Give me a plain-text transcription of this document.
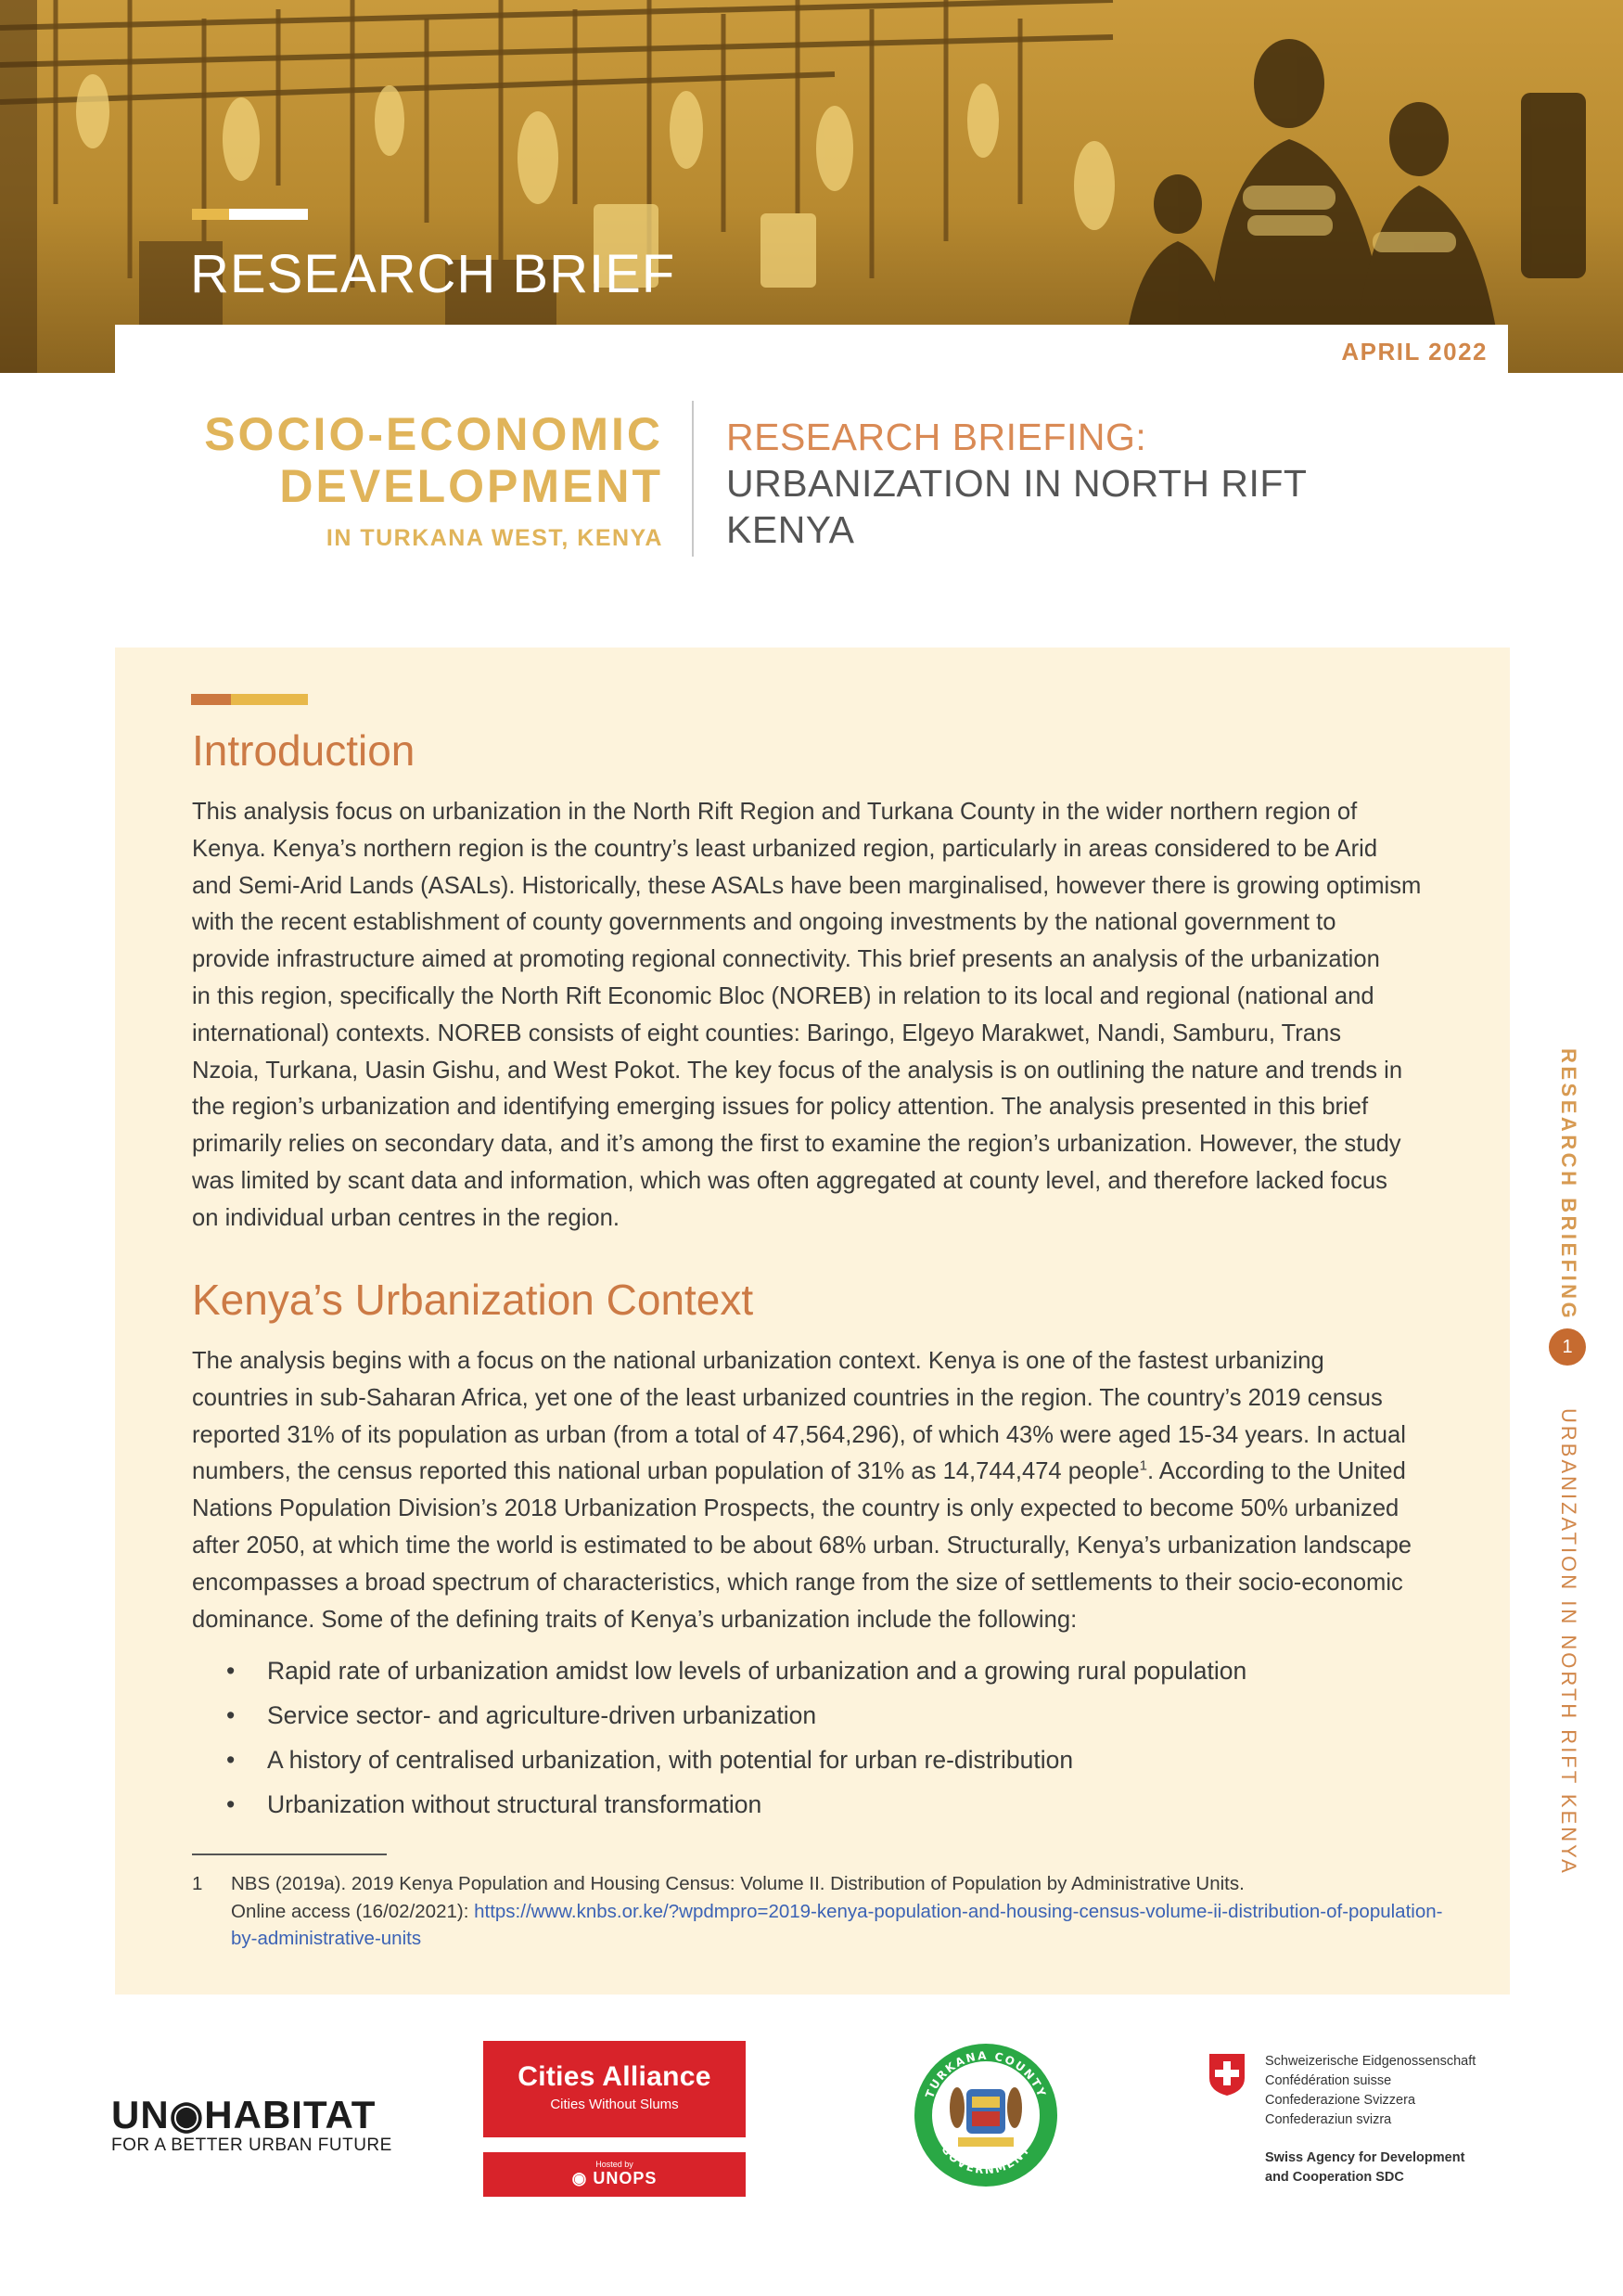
RESEARCH BRIEF
APRIL 2022
SOCIO-ECONOMIC
DEVELOPMENT
IN TURKANA WEST, KENYA
RESEARCH BRIEFING:
URBANIZATION IN NORTH RIFT
KENYA
Introduction
This analysis focus on urbanization in the North Rift Region and Turkana County in the wider northern region of
Kenya. Kenya’s northern region is the country’s least urbanized region, particularly in areas considered to be Arid
and Semi-Arid Lands (ASALs). Historically, these ASALs have been marginalised, however there is growing optimism
with the recent establishment of county governments and ongoing investments by the national government to
provide infrastructure aimed at promoting regional connectivity. This brief presents an analysis of the urbanization
in this region, specifically the North Rift Economic Bloc (NOREB) in relation to its local and regional (national and
international) contexts. NOREB consists of eight counties: Baringo, Elgeyo Marakwet, Nandi, Samburu, Trans
Nzoia, Turkana, Uasin Gishu, and West Pokot. The key focus of the analysis is on outlining the nature and trends in
the region’s urbanization and identifying emerging issues for policy attention. The analysis presented in this brief
primarily relies on secondary data, and it’s among the first to examine the region’s urbanization. However, the study
was limited by scant data and information, which was often aggregated at county level, and therefore lacked focus
on individual urban centres in the region.
Kenya’s Urbanization Context
The analysis begins with a focus on the national urbanization context. Kenya is one of the fastest urbanizing
countries in sub-Saharan Africa, yet one of the least urbanized countries in the region. The country’s 2019 census
reported 31% of its population as urban (from a total of 47,564,296), of which 43% were aged 15-34 years. In actual
numbers, the census reported this national urban population of 31% as 14,744,474 people$^1$. According to the United
Nations Population Division’s 2018 Urbanization Prospects, the country is only expected to become 50% urbanized
after 2050, at which time the world is estimated to be about 68% urban. Structurally, Kenya’s urbanization landscape
encompasses a broad spectrum of characteristics, which range from the size of settlements to their socio-economic
dominance. Some of the defining traits of Kenya’s urbanization include the following:
• Rapid rate of urbanization amidst low levels of urbanization and a growing rural population
• Service sector- and agriculture-driven urbanization
• A history of centralised urbanization, with potential for urban re-distribution
• Urbanization without structural transformation
1 NBS (2019a). 2019 Kenya Population and Housing Census: Volume II. Distribution of Population by Administrative Units.
Online access (16/02/2021): https://www.knbs.or.ke/?wpdmpro=2019-kenya-population-and-housing-census-volume-ii-distribution-of-population-
by-administrative-units
RESEARCH BRIEFING
URBANIZATION IN NORTH RIFT KENYA
1
UN◉HABITAT
FOR A BETTER URBAN FUTURE
Cities Alliance
Cities Without Slums
Hosted by
◉ UNOPS
TURKANA COUNTY
GOVERNMENT
Schweizerische Eidgenossenschaft
Confédération suisse
Confederazione Svizzera
Confederaziun svizra
Swiss Agency for Development
and Cooperation SDC
